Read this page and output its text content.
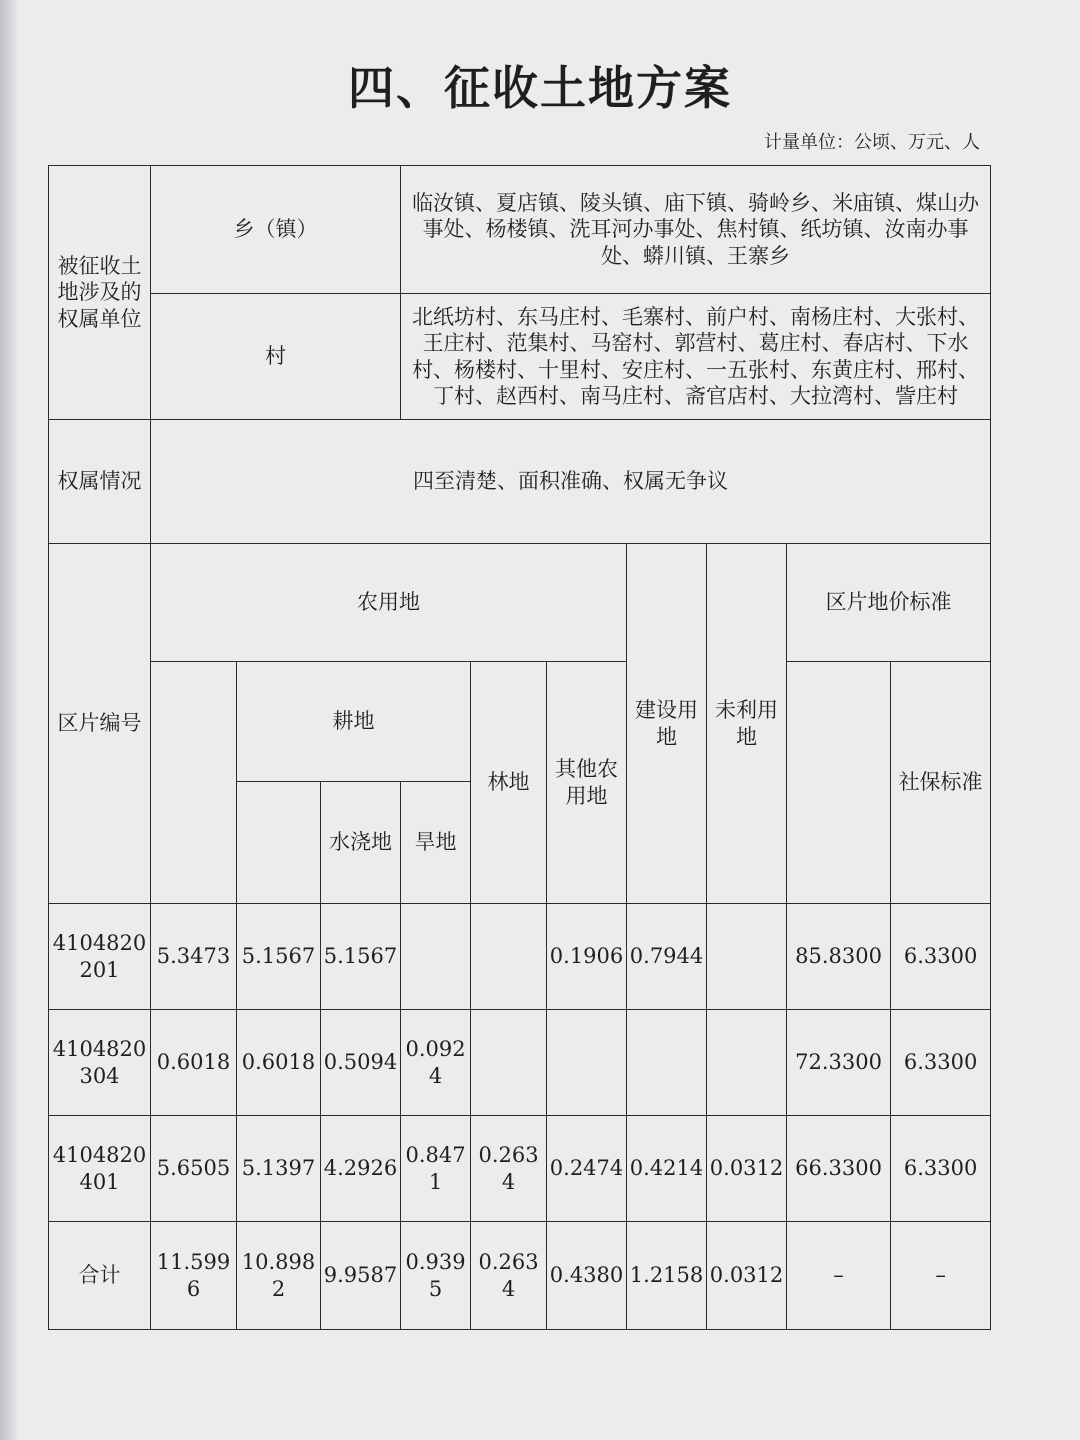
四、征收土地方案
计量单位：公顷、万元、人
被征收土地涉及的权属单位	乡（镇）			临汝镇、夏店镇、陵头镇、庙下镇、骑岭乡、米庙镇、煤山办事处、杨楼镇、洗耳河办事处、焦村镇、纸坊镇、汝南办事处、蟒川镇、王寨乡						
	村			北纸坊村、东马庄村、毛寨村、前户村、南杨庄村、大张村、王庄村、范集村、马窑村、郭营村、葛庄村、春店村、下水村、杨楼村、十里村、安庄村、一五张村、东黄庄村、邢村、丁村、赵西村、南马庄村、斋官店村、大拉湾村、訾庄村						
权属情况	四至清楚、面积准确、权属无争议									
区片编号	农用地						建设用地	未利用地	区片地价标准	
		耕地			林地	其他农用地				社保标准
			水浇地	旱地						

4104820201	5.3473	5.1567	5.1567			0.1906	0.7944		85.8300	6.3300
4104820304	0.6018	0.6018	0.5094	0.0924					72.3300	6.3300
4104820401	5.6505	5.1397	4.2926	0.8471	0.2634	0.2474	0.4214	0.0312	66.3300	6.3300
合计	11.5996	10.8982	9.9587	0.9395	0.2634	0.4380	1.2158	0.0312	–	–
